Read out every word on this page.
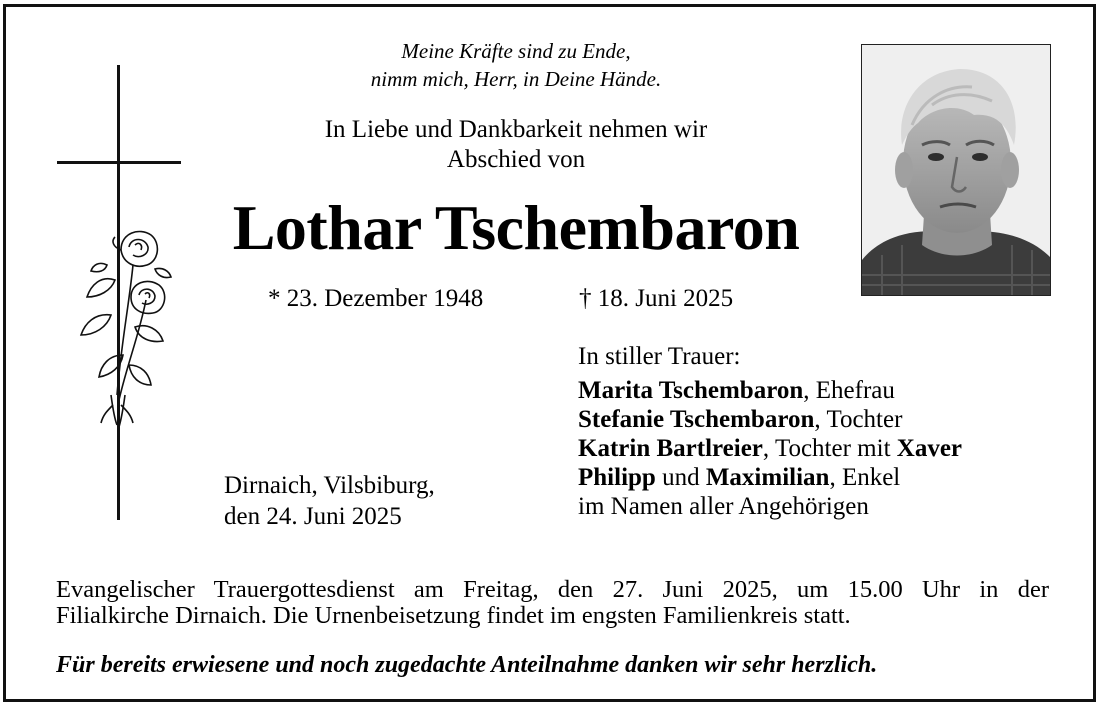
Meine Kräfte sind zu Ende,
nimm mich, Herr, in Deine Hände.
In Liebe und Dankbarkeit nehmen wir
Abschied von
Lothar Tschembaron
* 23. Dezember 1948	† 18. Juni 2025
In stiller Trauer:
Marita Tschembaron, Ehefrau
Stefanie Tschembaron, Tochter
Katrin Bartlreier, Tochter mit Xaver
Philipp und Maximilian, Enkel
im Namen aller Angehörigen
Dirnaich, Vilsbiburg,
den 24. Juni 2025
Evangelischer Trauergottesdienst am Freitag, den 27. Juni 2025, um 15.00 Uhr in der
Filialkirche Dirnaich. Die Urnenbeisetzung findet im engsten Familienkreis statt.
Für bereits erwiesene und noch zugedachte Anteilnahme danken wir sehr herzlich.
